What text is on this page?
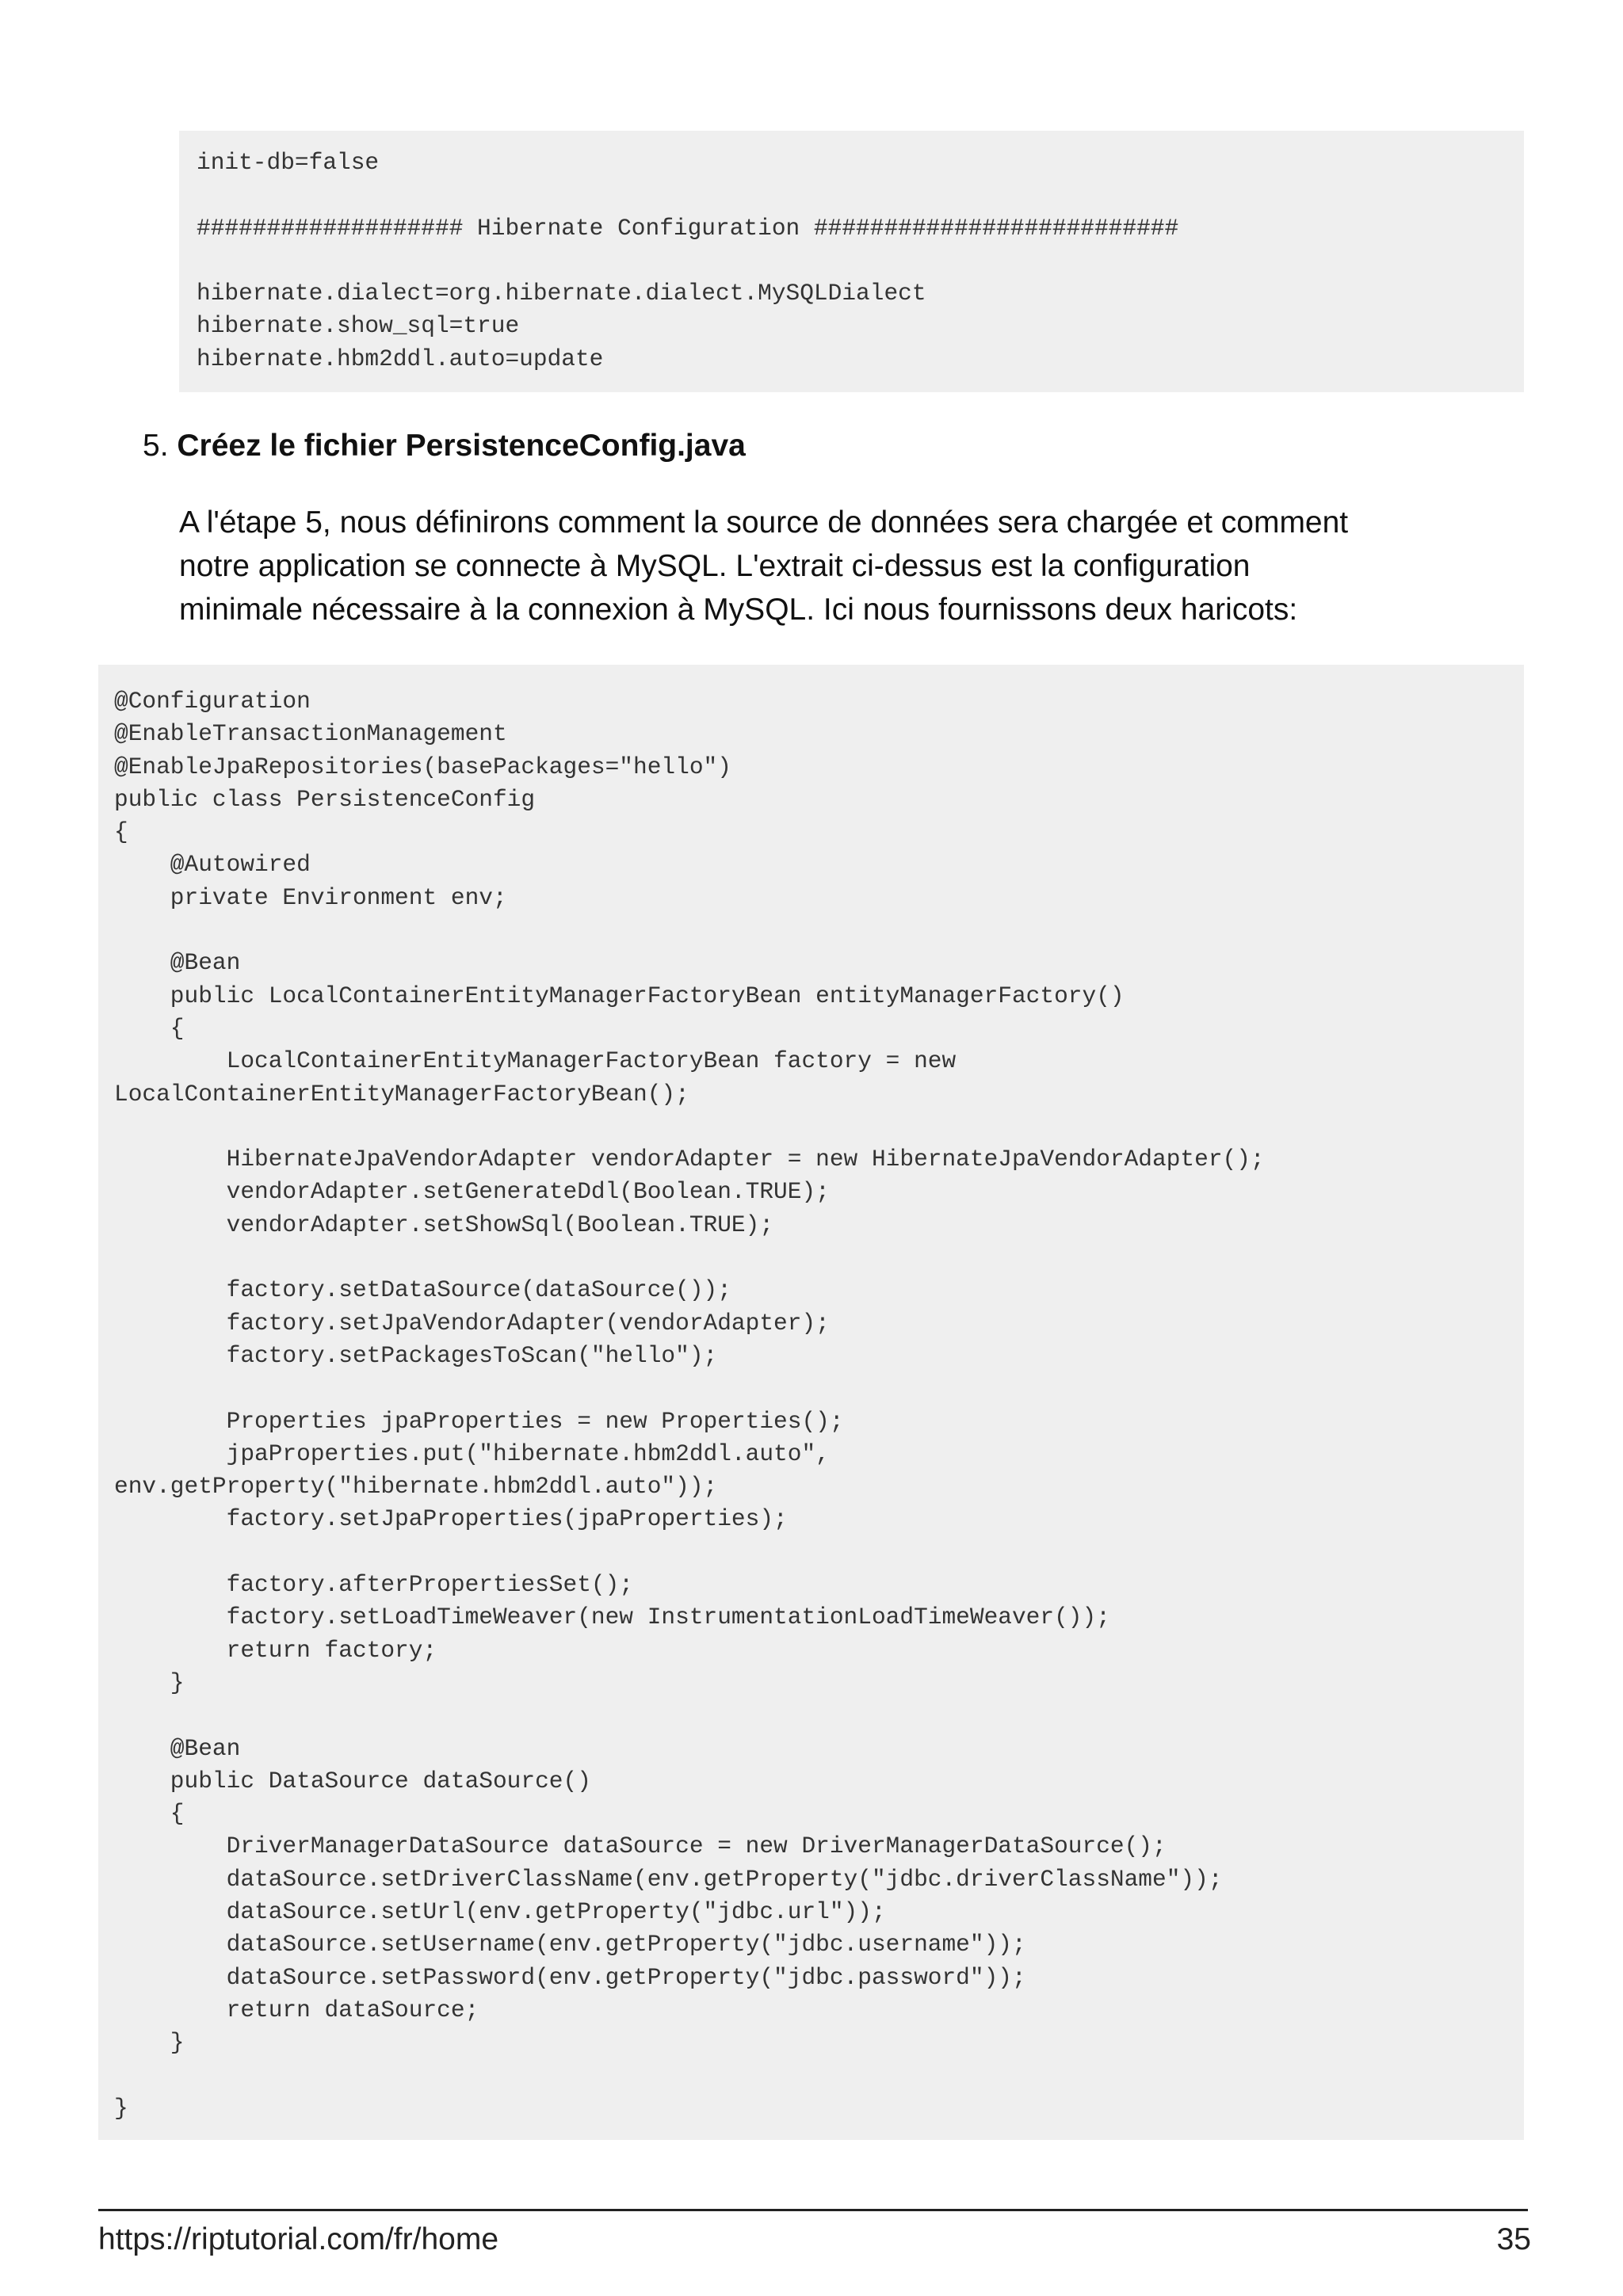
init-db=false
################### Hibernate Configuration ##########################
hibernate.dialect=org.hibernate.dialect.MySQLDialect
hibernate.show_sql=true
hibernate.hbm2ddl.auto=update
5. Créez le fichier PersistenceConfig.java

A l'étape 5, nous définirons comment la source de données sera chargée et comment
notre application se connecte à MySQL. L'extrait ci-dessus est la configuration
minimale nécessaire à la connexion à MySQL. Ici nous fournissons deux haricots:

@Configuration
@EnableTransactionManagement
@EnableJpaRepositories(basePackages="hello")
public class PersistenceConfig
{
@Autowired
private Environment env;
@Bean
public LocalContainerEntityManagerFactoryBean entityManagerFactory()
{
LocalContainerEntityManagerFactoryBean factory = new
LocalContainerEntityManagerFactoryBean();
HibernateJpaVendorAdapter vendorAdapter = new HibernateJpaVendorAdapter();
vendorAdapter.setGenerateDdl(Boolean.TRUE);
vendorAdapter.setShowSql(Boolean.TRUE);
factory.setDataSource(dataSource());
factory.setJpaVendorAdapter(vendorAdapter);
factory.setPackagesToScan("hello");
Properties jpaProperties = new Properties();
jpaProperties.put("hibernate.hbm2ddl.auto",
env.getProperty("hibernate.hbm2ddl.auto"));
factory.setJpaProperties(jpaProperties);
factory.afterPropertiesSet();
factory.setLoadTimeWeaver(new InstrumentationLoadTimeWeaver());
return factory;
}
@Bean
public DataSource dataSource()
{
DriverManagerDataSource dataSource = new DriverManagerDataSource();
dataSource.setDriverClassName(env.getProperty("jdbc.driverClassName"));
dataSource.setUrl(env.getProperty("jdbc.url"));
dataSource.setUsername(env.getProperty("jdbc.username"));
dataSource.setPassword(env.getProperty("jdbc.password"));
return dataSource;
}
}
https://riptutorial.com/fr/home	35
